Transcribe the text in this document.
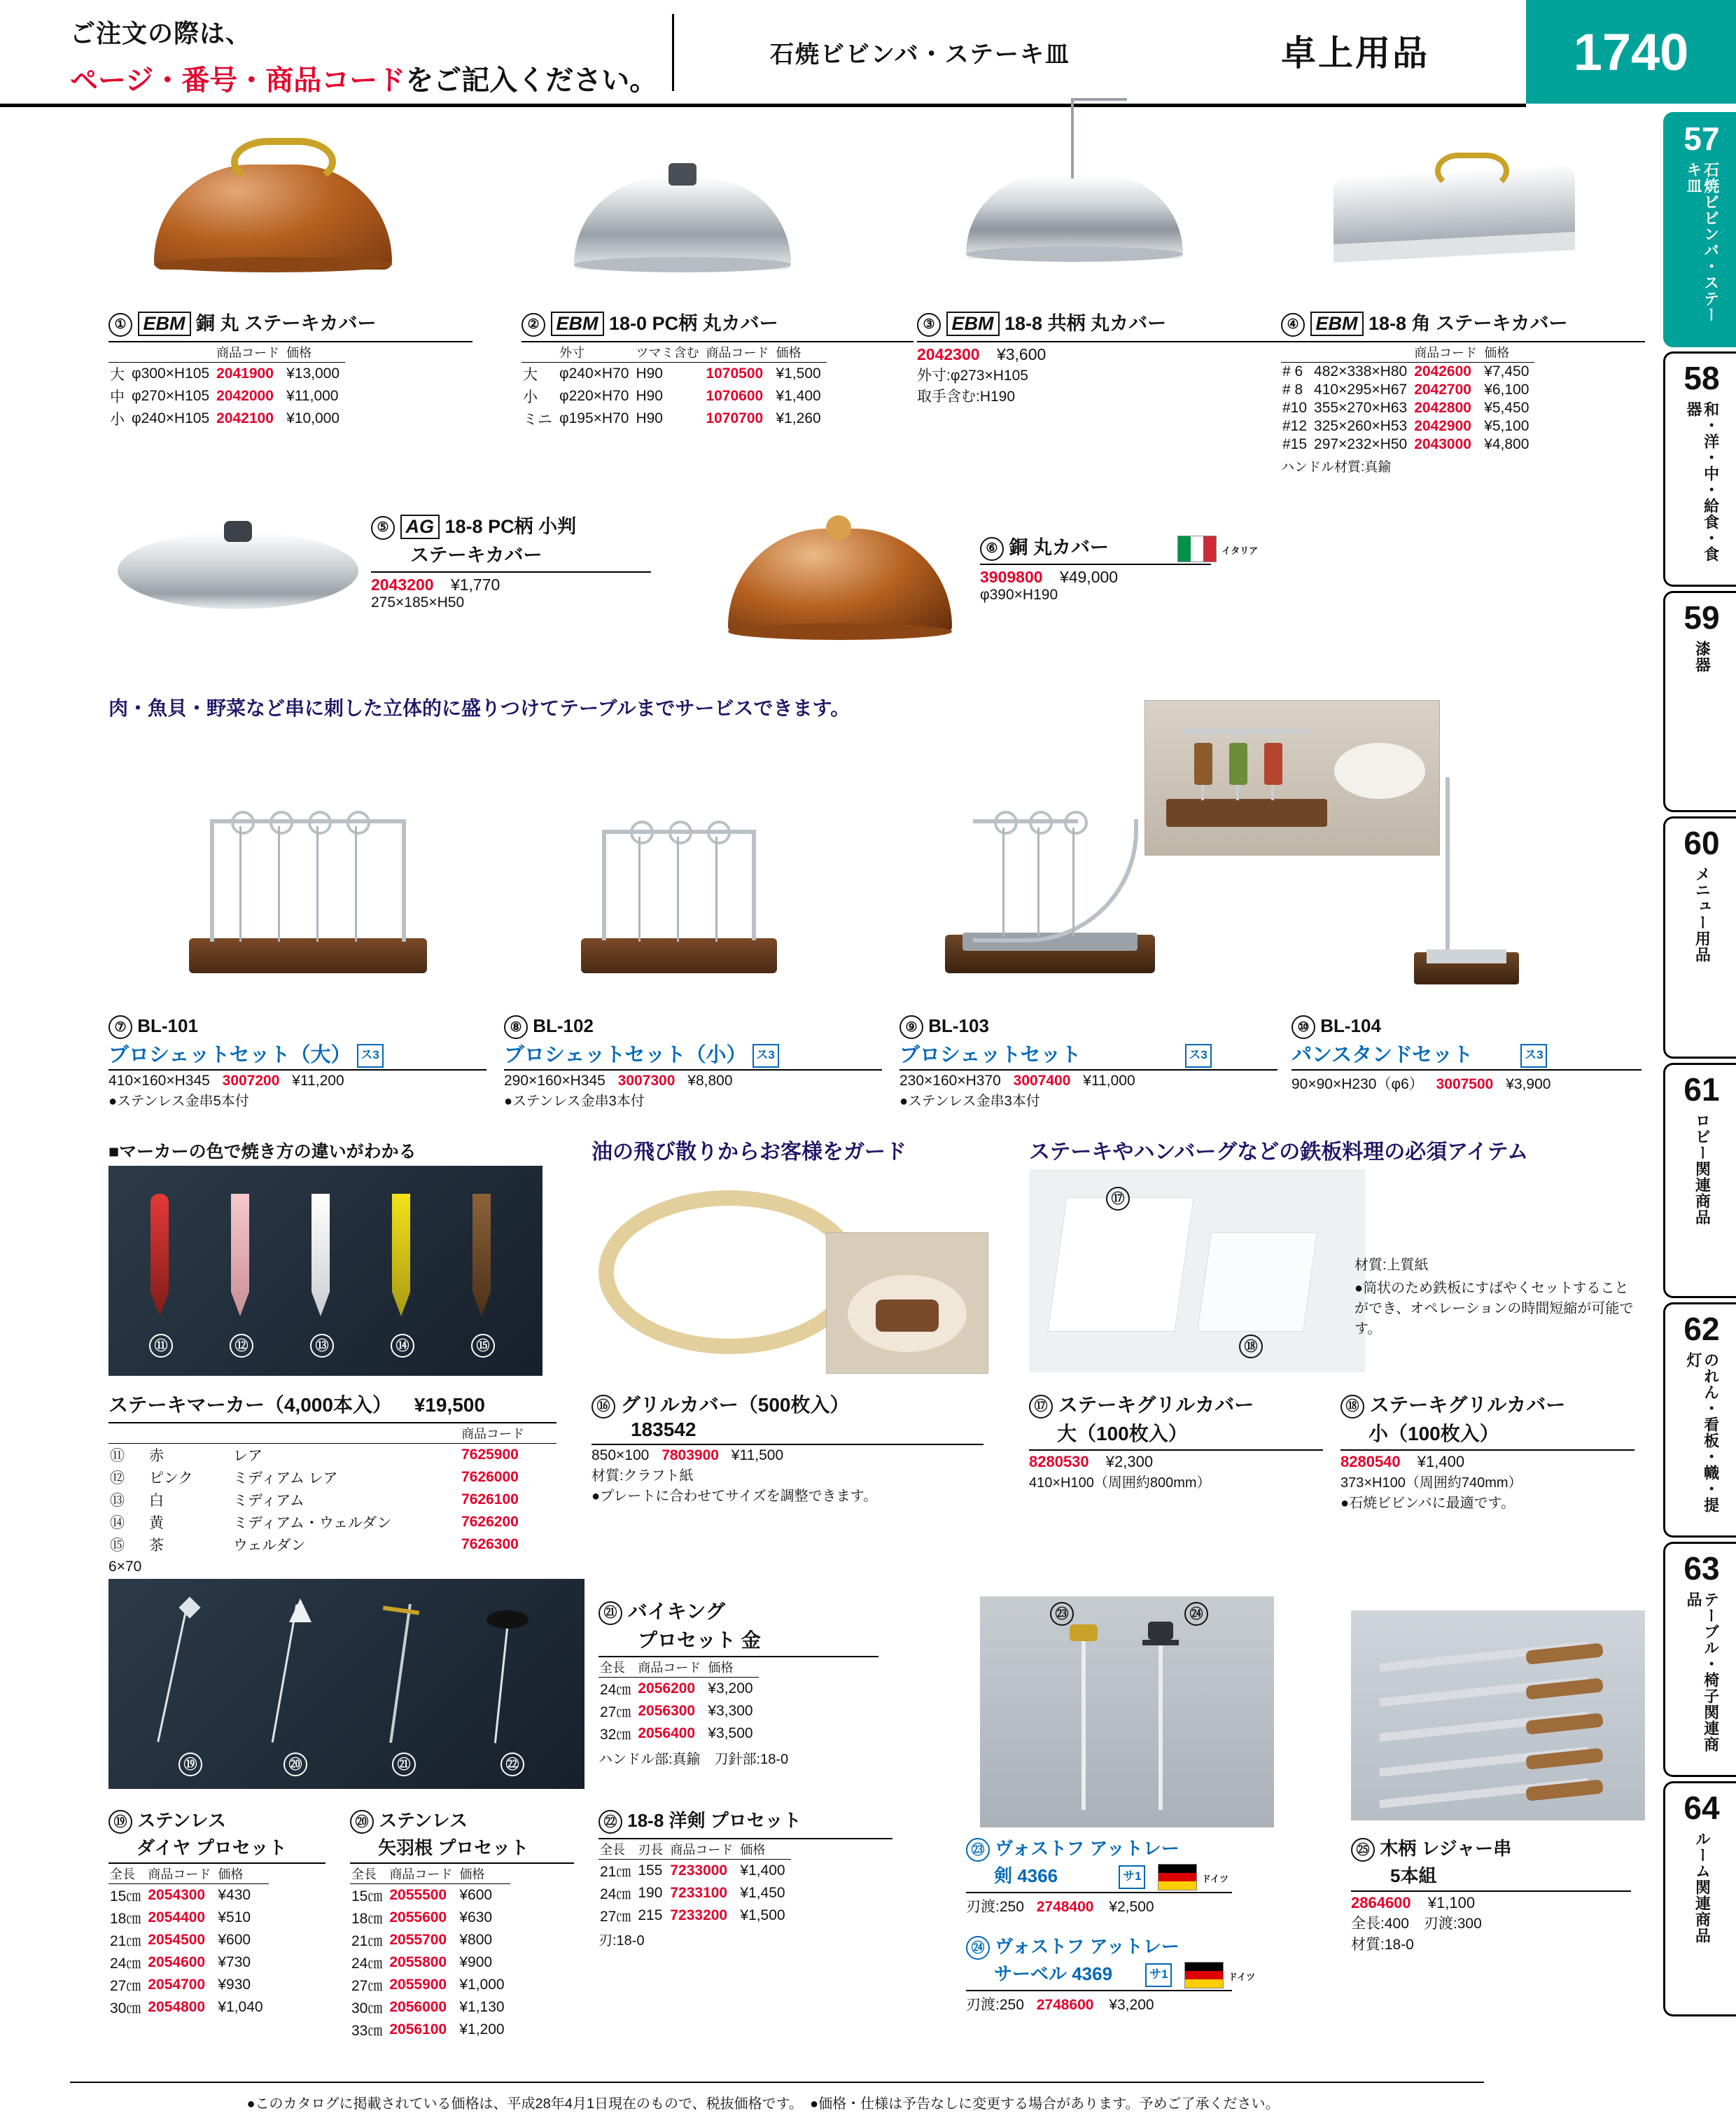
ご注文の際は、
ページ・番号・商品コードをご記入ください。
石焼ビビンバ・ステーキ皿	卓上用品	1740
57
石焼ビビンバ・ステーキ皿
58
和・洋・中・給食・食器
59
漆器
60
メニュー用品
61
ロビー関連商品
62
のれん・看板・幟・提灯
63
テーブル・椅子関連商品
64
ルーム関連商品
① EBM 銅 丸 ステーキカバー
		商品コード	価格
大	φ300×H105	2041900	¥13,000
中	φ270×H105	2042000	¥11,000
小	φ240×H105	2042100	¥10,000
② EBM 18-0 PC柄 丸カバー
	外寸	ツマミ含む	商品コード	価格
大	φ240×H70	H90	1070500	¥1,500
小	φ220×H70	H90	1070600	¥1,400
ミニ	φ195×H70	H90	1070700	¥1,260
③ EBM 18-8 共柄 丸カバー
2042300 ¥3,600
外寸:φ273×H105
取手含む:H190
④ EBM 18-8 角 ステーキカバー
		商品コード	価格
# 6	482×338×H80	2042600	¥7,450
# 8	410×295×H67	2042700	¥6,100
#10	355×270×H63	2042800	¥5,450
#12	325×260×H53	2042900	¥5,100
#15	297×232×H50	2043000	¥4,800
ハンドル材質:真鍮
⑤ AG 18-8 PC柄 小判
ステーキカバー
2043200 ¥1,770
275×185×H50
⑥ 銅 丸カバー	イタリア
3909800 ¥49,000
φ390×H190
肉・魚貝・野菜など串に刺した立体的に盛りつけてテーブルまでサービスできます。
⑦ BL-101
ブロシェットセット（大） ス3
410×160×H345 3007200 ¥11,200
●ステンレス金串5本付
⑧ BL-102
ブロシェットセット（小） ス3
290×160×H345 3007300 ¥8,800
●ステンレス金串3本付
⑨ BL-103
ブロシェットセット	ス3
230×160×H370 3007400 ¥11,000
●ステンレス金串3本付
⑩ BL-104
パンスタンドセット	ス3
90×90×H230（φ6） 3007500 ¥3,900
■マーカーの色で焼き方の違いがわかる
⑪	⑫	⑬	⑭	⑮
ステーキマーカー（4,000本入） ¥19,500
			商品コード
⑪	赤	レア	7625900
⑫	ピンク	ミディアム レア	7626000
⑬	白	ミディアム	7626100
⑭	黄	ミディアム・ウェルダン	7626200
⑮	茶	ウェルダン	7626300
6×70
油の飛び散りからお客様をガード
⑯ グリルカバー（500枚入）
183542
850×100 7803900 ¥11,500
材質:クラフト紙
●プレートに合わせてサイズを調整できます。
ステーキやハンバーグなどの鉄板料理の必須アイテム
⑰
⑱
材質:上質紙
●筒状のため鉄板にすばやくセットすることができ、オペレーションの時間短縮が可能です。
⑰ ステーキグリルカバー
大（100枚入）
8280530 ¥2,300
410×H100（周囲約800mm）
⑱ ステーキグリルカバー
小（100枚入）
8280540 ¥1,400
373×H100（周囲約740mm）
●石焼ビビンバに最適です。
⑲	⑳	㉑	㉒
⑲ ステンレス
ダイヤ プロセット
全長	商品コード	価格
15㎝	2054300	¥430
18㎝	2054400	¥510
21㎝	2054500	¥600
24㎝	2054600	¥730
27㎝	2054700	¥930
30㎝	2054800	¥1,040
⑳ ステンレス
矢羽根 プロセット
全長	商品コード	価格
15㎝	2055500	¥600
18㎝	2055600	¥630
21㎝	2055700	¥800
24㎝	2055800	¥900
27㎝	2055900	¥1,000
30㎝	2056000	¥1,130
33㎝	2056100	¥1,200
㉑ バイキング
プロセット 金
全長	商品コード	価格
24㎝	2056200	¥3,200
27㎝	2056300	¥3,300
32㎝	2056400	¥3,500
ハンドル部:真鍮　刀針部:18-0
㉒ 18-8 洋剣 プロセット
全長	刃長	商品コード	価格
21㎝	155	7233000	¥1,400
24㎝	190	7233100	¥1,450
27㎝	215	7233200	¥1,500
刃:18-0
㉓	㉔
㉓ ヴォストフ アットレー
剣 4366	サ1	ドイツ
刃渡:250 2748400 ¥2,500
㉔ ヴォストフ アットレー
サーベル 4369	サ1	ドイツ
刃渡:250 2748600 ¥3,200
㉕ 木柄 レジャー串
5本組
2864600 ¥1,100
全長:400　刃渡:300
材質:18-0
●このカタログに掲載されている価格は、平成28年4月1日現在のもので、税抜価格です。　●価格・仕様は予告なしに変更する場合があります。予めご了承ください。
